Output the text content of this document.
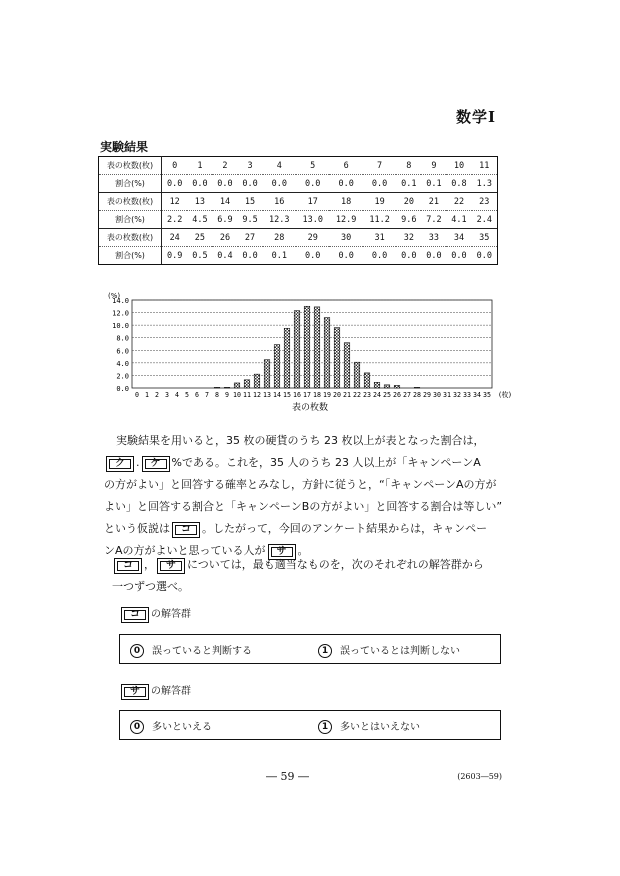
数学Ⅰ
実験結果
表の枚数(枚)	0	1	2	3	4	5	6	7	8	9	10	11
割合(%)	0.0	0.0	0.0	0.0	0.0	0.0	0.0	0.0	0.1	0.1	0.8	1.3
表の枚数(枚)	12	13	14	15	16	17	18	19	20	21	22	23
割合(%)	2.2	4.5	6.9	9.5	12.3	13.0	12.9	11.2	9.6	7.2	4.1	2.4
表の枚数(枚)	24	25	26	27	28	29	30	31	32	33	34	35
割合(%)	0.9	0.5	0.4	0.0	0.1	0.0	0.0	0.0	0.0	0.0	0.0	0.0
0.0
2.0
4.0
6.0
8.0
10.0
12.0
14.0
(%)
0 1 2 3 4 5 6 7 8 9 10 11 12 13 14 15 16 17 18 19 20 21 22 23 24 25 26 27 28 29 30 31 32 33 34 35 (枚)
表の枚数
実験結果を用いると，35 枚の硬貨のうち 23 枚以上が表となった割合は，
ク . ケ %である。これを，35 人のうち 23 人以上が「キャンペーンA
の方がよい」と回答する確率とみなし，方針に従うと，“「キャンペーンAの方が
よい」と回答する割合と「キャンペーンBの方がよい」と回答する割合は等しい”
という仮説は コ 。したがって，今回のアンケート結果からは，キャンペー
ンAの方がよいと思っている人が サ 。
コ ， サ については，最も適当なものを，次のそれぞれの解答群から
一つずつ選べ。
コ の解答群
0 誤っていると判断する	1 誤っているとは判断しない
サ の解答群
0 多いといえる	1 多いとはいえない
― 59 ―	(2603―59)
